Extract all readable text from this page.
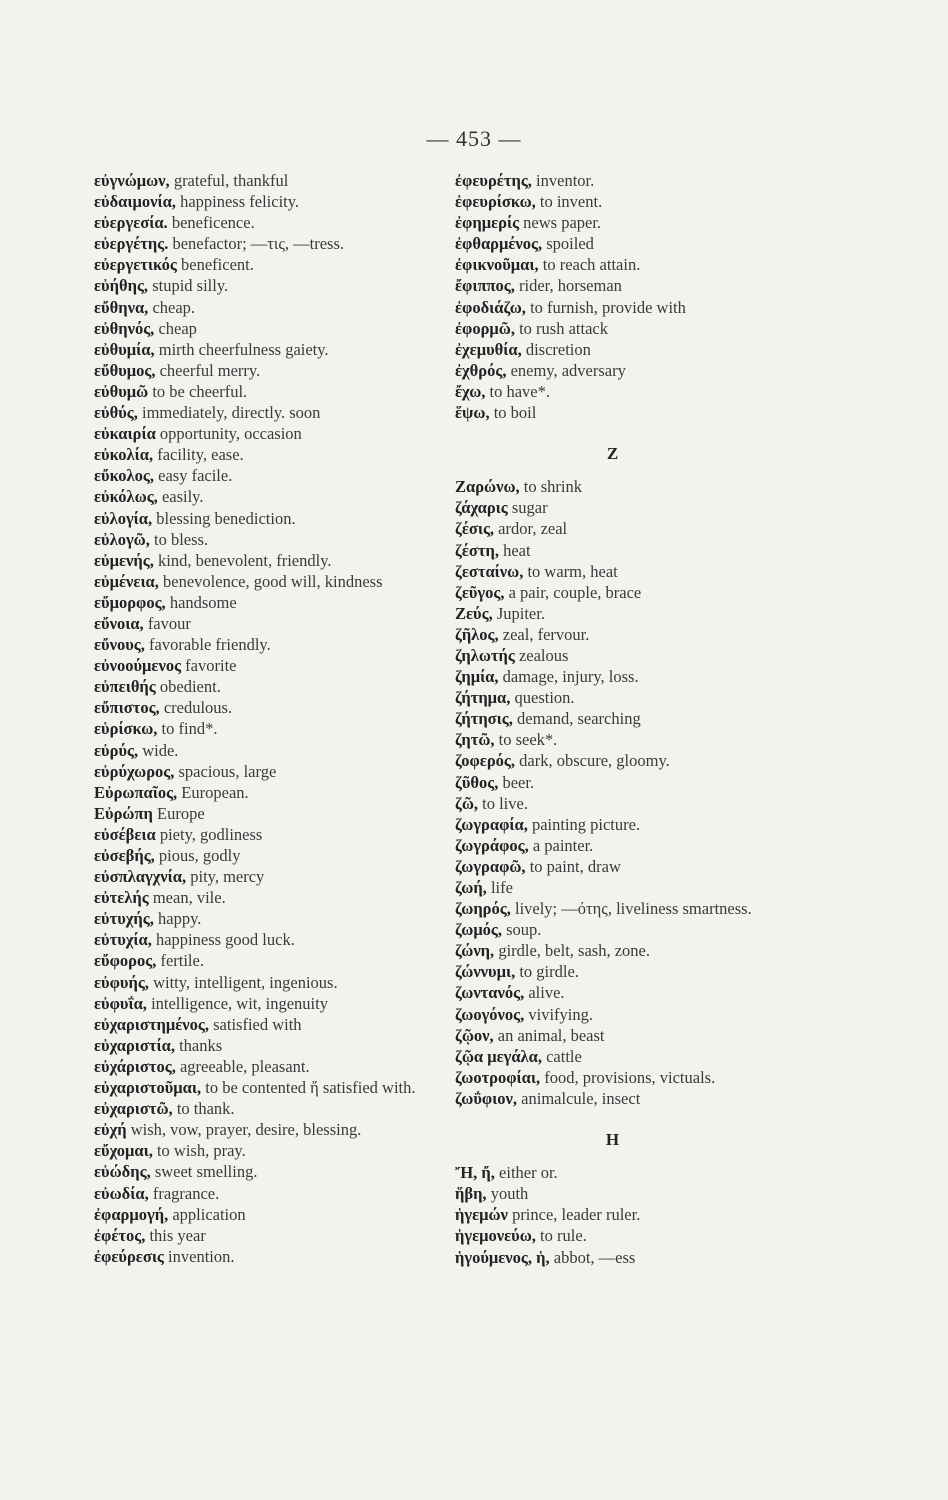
— 453 —
εὐγνώμων, grateful, thankful
εὐδαιμονία, happiness felicity.
εὐεργεσία. beneficence.
εὐεργέτης. benefactor; —τις, —tress.
εὐεργετικός beneficent.
εὐήθης, stupid silly.
εὔθηνα, cheap.
εὐθηνός, cheap
εὐθυμία, mirth cheerfulness gaiety.
εὔθυμος, cheerful merry.
εὐθυμῶ to be cheerful.
εὐθύς, immediately, directly. soon
εὐκαιρία opportunity, occasion
εὐκολία, facility, ease.
εὔκολος, easy facile.
εὐκόλως, easily.
εὐλογία, blessing benediction.
εὐλογῶ, to bless.
εὐμενής, kind, benevolent, friendly.
εὐμένεια, benevolence, good will, kindness
εὔμορφος, handsome
εὔνοια, favour
εὔνους, favorable friendly.
εὐνοούμενος favorite
εὐπειθής obedient.
εὔπιστος, credulous.
εὑρίσκω, to find*.
εὐρύς, wide.
εὐρύχωρος, spacious, large
Εὐρωπαῖος, European.
Εὐρώπη Europe
εὐσέβεια piety, godliness
εὐσεβής, pious, godly
εὐσπλαγχνία, pity, mercy
εὐτελής mean, vile.
εὐτυχής, happy.
εὐτυχία, happiness good luck.
εὔφορος, fertile.
εὐφυής, witty, intelligent, ingenious.
εὐφυΐα, intelligence, wit, ingenuity
εὐχαριστημένος, satisfied with
εὐχαριστία, thanks
εὐχάριστος, agreeable, pleasant.
εὐχαριστοῦμαι, to be contented ἤ satisfied with.
εὐχαριστῶ, to thank.
εὐχή wish, vow, prayer, desire, blessing.
εὔχομαι, to wish, pray.
εὐώδης, sweet smelling.
εὐωδία, fragrance.
ἐφαρμογή, application
ἐφέτος, this year
ἐφεύρεσις invention.
ἐφευρέτης, inventor.
ἐφευρίσκω, to invent.
ἐφημερίς news paper.
ἐφθαρμένος, spoiled
ἐφικνοῦμαι, to reach attain.
ἔφιππος, rider, horseman
ἐφοδιάζω, to furnish, provide with
ἐφορμῶ, to rush attack
ἐχεμυθία, discretion
ἐχθρός, enemy, adversary
ἔχω, to have*.
ἕψω, to boil
Z
Ζαρώνω, to shrink
ζάχαρις sugar
ζέσις, ardor, zeal
ζέστη, heat
ζεσταίνω, to warm, heat
ζεῦγος, a pair, couple, brace
Ζεύς, Jupiter.
ζῆλος, zeal, fervour.
ζηλωτής zealous
ζημία, damage, injury, loss.
ζήτημα, question.
ζήτησις, demand, searching
ζητῶ, to seek*.
ζοφερός, dark, obscure, gloomy.
ζῦθος, beer.
ζῶ, to live.
ζωγραφία, painting picture.
ζωγράφος, a painter.
ζωγραφῶ, to paint, draw
ζωή, life
ζωηρός, lively; —ότης, liveliness smartness.
ζωμός, soup.
ζώνη, girdle, belt, sash, zone.
ζώννυμι, to girdle.
ζωντανός, alive.
ζωογόνος, vivifying.
ζῷον, an animal, beast
ζῷα μεγάλα, cattle
ζωοτροφίαι, food, provisions, victuals.
ζωΰφιον, animalcule, insect
H
Ἤ, ἤ, either or.
ἥβη, youth
ἡγεμών prince, leader ruler.
ἡγεμονεύω, to rule.
ἡγούμενος, ἡ, abbot, —ess
